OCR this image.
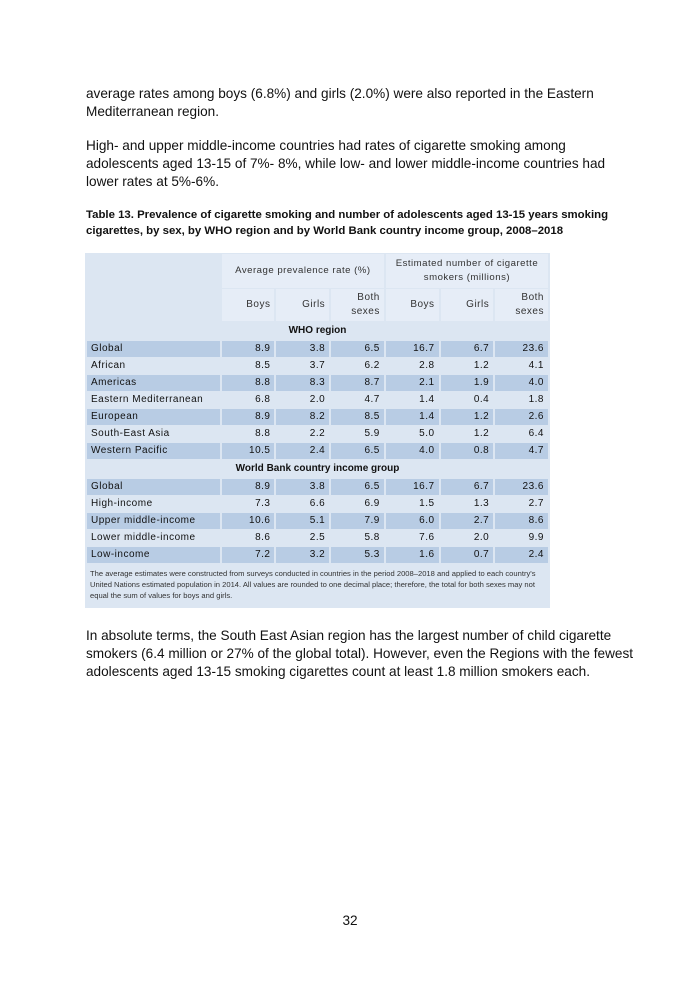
average rates among boys (6.8%) and girls (2.0%) were also reported in the Eastern Mediterranean region.

High- and upper middle-income countries had rates of cigarette smoking among adolescents aged 13-15 of 7%- 8%, while low- and lower middle-income countries had lower rates at 5%-6%.

Table 13. Prevalence of cigarette smoking and number of adolescents aged 13-15 years smoking cigarettes, by sex, by WHO region and by World Bank country income group, 2008–2018

	Average prevalence rate (%)			Estimated number of cigarette smokers (millions)		
	Boys	Girls	Both sexes	Boys	Girls	Both sexes
WHO region						
Global	8.9	3.8	6.5	16.7	6.7	23.6
African	8.5	3.7	6.2	2.8	1.2	4.1
Americas	8.8	8.3	8.7	2.1	1.9	4.0
Eastern Mediterranean	6.8	2.0	4.7	1.4	0.4	1.8
European	8.9	8.2	8.5	1.4	1.2	2.6
South-East Asia	8.8	2.2	5.9	5.0	1.2	6.4
Western Pacific	10.5	2.4	6.5	4.0	0.8	4.7
World Bank country income group						
Global	8.9	3.8	6.5	16.7	6.7	23.6
High-income	7.3	6.6	6.9	1.5	1.3	2.7
Upper middle-income	10.6	5.1	7.9	6.0	2.7	8.6
Lower middle-income	8.6	2.5	5.8	7.6	2.0	9.9
Low-income	7.2	3.2	5.3	1.6	0.7	2.4
The average estimates were constructed from surveys conducted in countries in the period 2008–2018 and applied to each country's United Nations estimated population in 2014. All values are rounded to one decimal place; therefore, the total for both sexes may not equal the sum of values for boys and girls.						

In absolute terms, the South East Asian region has the largest number of child cigarette smokers (6.4 million or 27% of the global total). However, even the Regions with the fewest adolescents aged 13-15 smoking cigarettes count at least 1.8 million smokers each.

32
